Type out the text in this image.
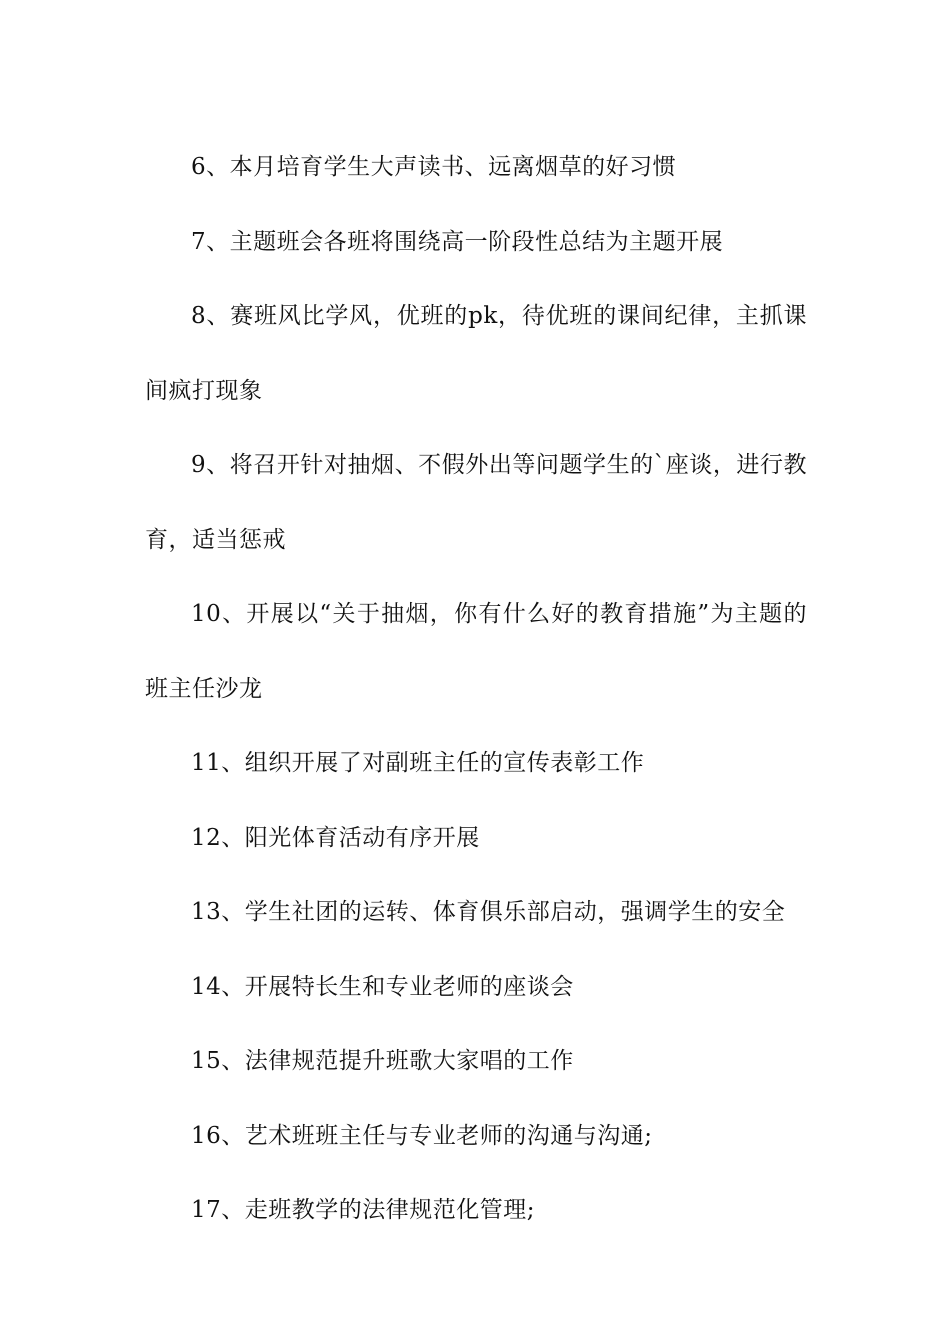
6、本月培育学生大声读书、远离烟草的好习惯

7、主题班会各班将围绕高一阶段性总结为主题开展

8、赛班风比学风，优班的pk，待优班的课间纪律，主抓课间疯打现象

9、将召开针对抽烟、不假外出等问题学生的`座谈，进行教育，适当惩戒

10、开展以“关于抽烟，你有什么好的教育措施”为主题的班主任沙龙

11、组织开展了对副班主任的宣传表彰工作

12、阳光体育活动有序开展

13、学生社团的运转、体育俱乐部启动，强调学生的安全

14、开展特长生和专业老师的座谈会

15、法律规范提升班歌大家唱的工作

16、艺术班班主任与专业老师的沟通与沟通;

17、走班教学的法律规范化管理;
